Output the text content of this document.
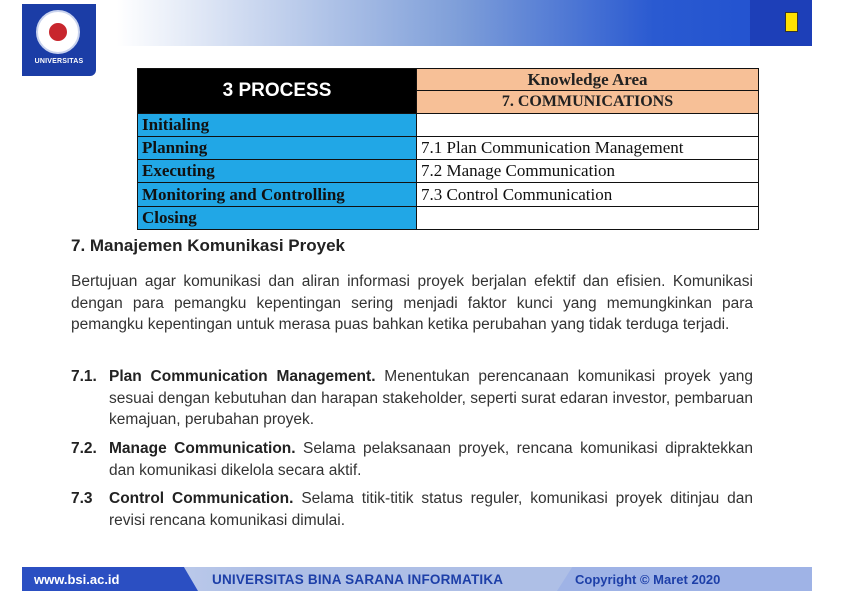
UNIVERSITAS
3 PROCESS	Knowledge Area
	7. COMMUNICATIONS
Initialing	
Planning	7.1 Plan Communication Management
Executing	7.2 Manage Communication
Monitoring and Controlling	7.3 Control Communication
Closing	
7. Manajemen Komunikasi Proyek
Bertujuan agar komunikasi dan aliran informasi proyek berjalan efektif dan efisien. Komunikasi dengan para pemangku kepentingan sering menjadi faktor kunci yang memungkinkan para pemangku kepentingan untuk merasa puas bahkan ketika perubahan yang tidak terduga terjadi.
7.1. Plan Communication Management. Menentukan perencanaan komunikasi proyek yang sesuai dengan kebutuhan dan harapan stakeholder, seperti surat edaran investor, pembaruan kemajuan, perubahan proyek.
7.2. Manage Communication. Selama pelaksanaan proyek, rencana komunikasi dipraktekkan dan komunikasi dikelola secara aktif.
7.3 Control Communication. Selama titik-titik status reguler, komunikasi proyek ditinjau dan revisi rencana komunikasi dimulai.
www.bsi.ac.id	UNIVERSITAS BINA SARANA INFORMATIKA	Copyright © Maret 2020
